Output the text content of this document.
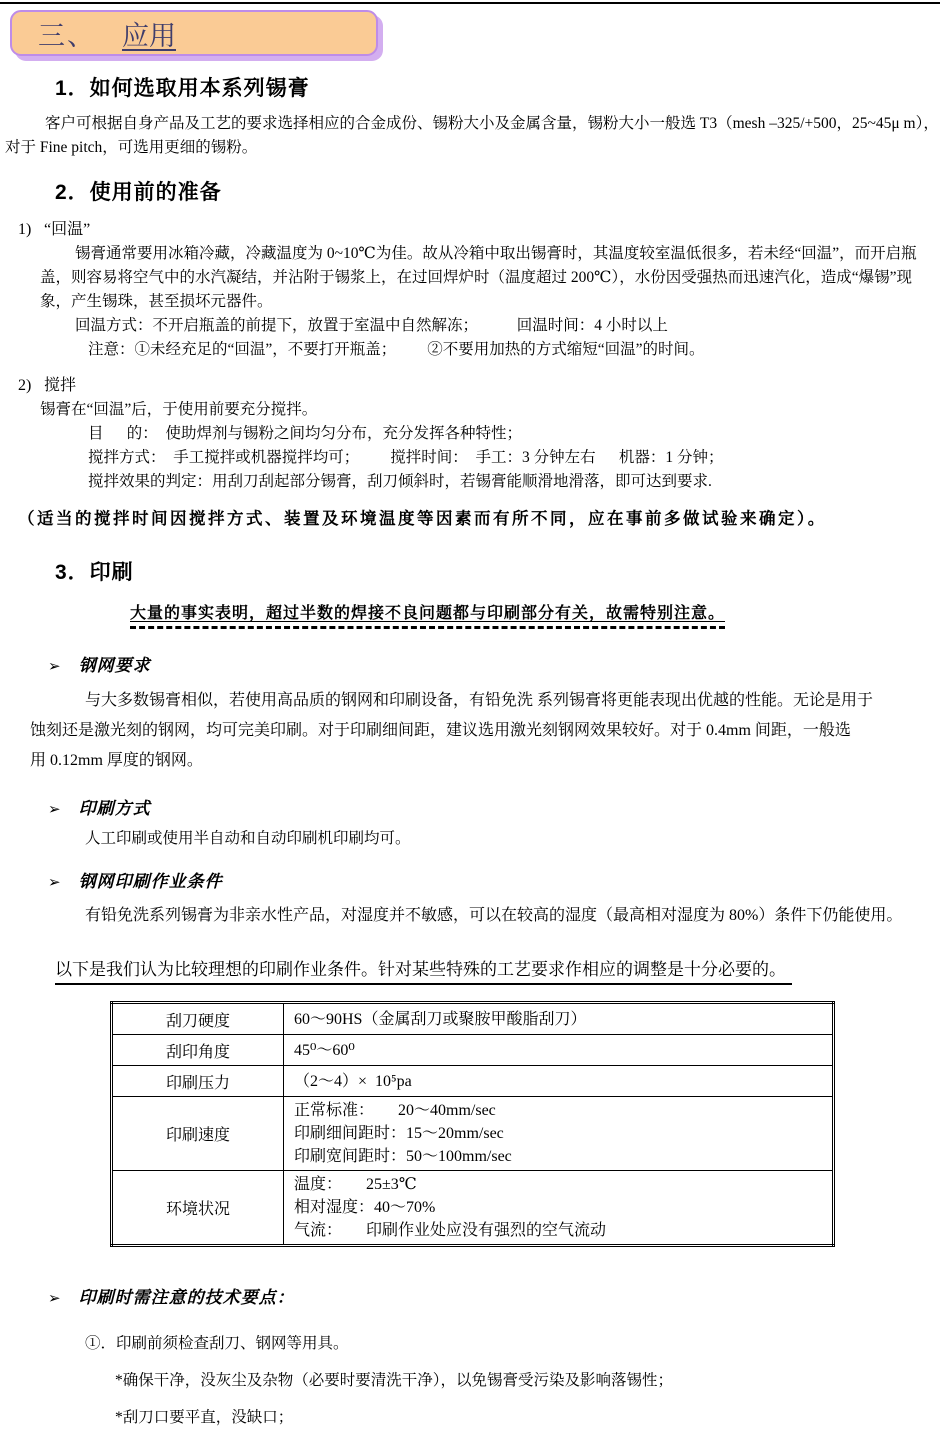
三、 应用
1．如何选取用本系列锡膏
客户可根据自身产品及工艺的要求选择相应的合金成份、锡粉大小及金属含量，锡粉大小一般选 T3（mesh –325/+500，25~45μ m），
对于 Fine pitch，可选用更细的锡粉。
2．使用前的准备
1) “回温”
锡膏通常要用冰箱冷藏，冷藏温度为 0~10℃为佳。故从冷箱中取出锡膏时，其温度较室温低很多，若未经“回温”，而开启瓶
盖，则容易将空气中的水汽凝结，并沾附于锡浆上，在过回焊炉时（温度超过 200℃），水份因受强热而迅速汽化，造成“爆锡”现
象，产生锡珠，甚至损坏元器件。
回温方式：不开启瓶盖的前提下，放置于室温中自然解冻；          回温时间：4 小时以上
注意：①未经充足的“回温”，不要打开瓶盖；        ②不要用加热的方式缩短“回温”的时间。
2) 搅拌
锡膏在“回温”后，于使用前要充分搅拌。
目      的：  使助焊剂与锡粉之间均匀分布，充分发挥各种特性；
搅拌方式：  手工搅拌或机器搅拌均可；        搅拌时间：  手工：3 分钟左右      机器：1 分钟；
搅拌效果的判定：用刮刀刮起部分锡膏，刮刀倾斜时，若锡膏能顺滑地滑落，即可达到要求.
（适当的搅拌时间因搅拌方式、装置及环境温度等因素而有所不同，应在事前多做试验来确定）。
3．印刷
大量的事实表明，超过半数的焊接不良问题都与印刷部分有关，故需特别注意。
➢ 钢网要求
与大多数锡膏相似，若使用高品质的钢网和印刷设备，有铅免洗 系列锡膏将更能表现出优越的性能。无论是用于
蚀刻还是激光刻的钢网，均可完美印刷。对于印刷细间距，建议选用激光刻钢网效果较好。对于 0.4mm 间距，一般选
用 0.12mm 厚度的钢网。
➢ 印刷方式
人工印刷或使用半自动和自动印刷机印刷均可。
➢ 钢网印刷作业条件
有铅免洗系列锡膏为非亲水性产品，对湿度并不敏感，可以在较高的湿度（最高相对湿度为 80%）条件下仍能使用。
以下是我们认为比较理想的印刷作业条件。针对某些特殊的工艺要求作相应的调整是十分必要的。
刮刀硬度	60～90HS（金属刮刀或聚胺甲酸脂刮刀）

刮印角度	45⁰～60⁰

印刷压力	（2～4）×  10⁵pa

印刷速度	正常标准：      20～40mm/sec
印刷细间距时：15～20mm/sec
印刷宽间距时：50～100mm/sec

环境状况	温度：      25±3℃
相对湿度：40～70%
气流：      印刷作业处应没有强烈的空气流动
➢ 印刷时需注意的技术要点：
①．印刷前须检查刮刀、钢网等用具。
*确保干净，没灰尘及杂物（必要时要清洗干净），以免锡膏受污染及影响落锡性；
*刮刀口要平直，没缺口；
